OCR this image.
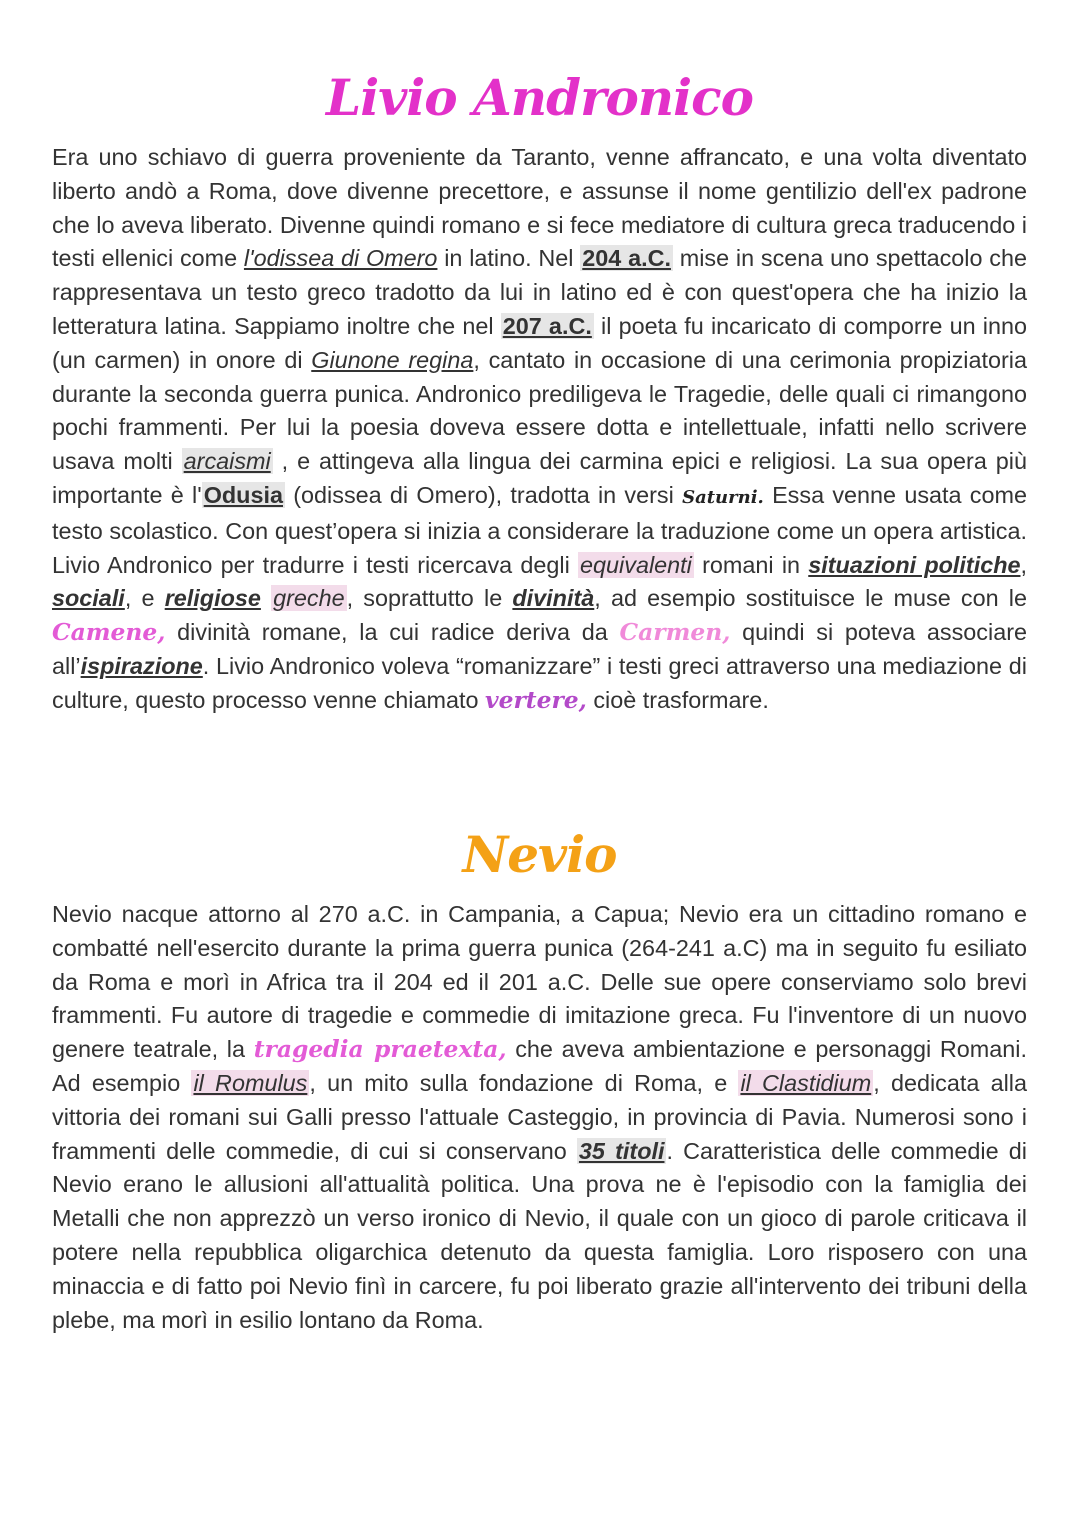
Livio Andronico

Era uno schiavo di guerra proveniente da Taranto, venne affrancato, e una volta diventato liberto andò a Roma, dove divenne precettore, e assunse il nome gentilizio dell'ex padrone che lo aveva liberato. Divenne quindi romano e si fece mediatore di cultura greca traducendo i testi ellenici come l'odissea di Omero in latino. Nel 204 a.C. mise in scena uno spettacolo che rappresentava un testo greco tradotto da lui in latino ed è con quest'opera che ha inizio la letteratura latina. Sappiamo inoltre che nel 207 a.C. il poeta fu incaricato di comporre un inno (un carmen) in onore di Giunone regina, cantato in occasione di una cerimonia propiziatoria durante la seconda guerra punica. Andronico prediligeva le Tragedie, delle quali ci rimangono pochi frammenti. Per lui la poesia doveva essere dotta e intellettuale, infatti nello scrivere usava molti arcaismi , e attingeva alla lingua dei carmina epici e religiosi. La sua opera più importante è l'Odusia (odissea di Omero), tradotta in versi Saturni. Essa venne usata come testo scolastico. Con quest’opera si inizia a considerare la traduzione come un opera artistica. Livio Andronico per tradurre i testi ricercava degli equivalenti romani in situazioni politiche, sociali, e religiose greche, soprattutto le divinità, ad esempio sostituisce le muse con le Camene, divinità romane, la cui radice deriva da Carmen, quindi si poteva associare all’ispirazione. Livio Andronico voleva “romanizzare” i testi greci attraverso una mediazione di culture, questo processo venne chiamato vertere, cioè trasformare.

Nevio

Nevio nacque attorno al 270 a.C. in Campania, a Capua; Nevio era un cittadino romano e combatté nell'esercito durante la prima guerra punica (264-241 a.C) ma in seguito fu esiliato da Roma e morì in Africa tra il 204 ed il 201 a.C. Delle sue opere conserviamo solo brevi frammenti. Fu autore di tragedie e commedie di imitazione greca. Fu l'inventore di un nuovo genere teatrale, la tragedia praetexta, che aveva ambientazione e personaggi Romani. Ad esempio il Romulus, un mito sulla fondazione di Roma, e il Clastidium, dedicata alla vittoria dei romani sui Galli presso l'attuale Casteggio, in provincia di Pavia. Numerosi sono i frammenti delle commedie, di cui si conservano 35 titoli. Caratteristica delle commedie di Nevio erano le allusioni all'attualità politica. Una prova ne è l'episodio con la famiglia dei Metalli che non apprezzò un verso ironico di Nevio, il quale con un gioco di parole criticava il potere nella repubblica oligarchica detenuto da questa famiglia. Loro risposero con una minaccia e di fatto poi Nevio finì in carcere, fu poi liberato grazie all'intervento dei tribuni della plebe, ma morì in esilio lontano da Roma.
